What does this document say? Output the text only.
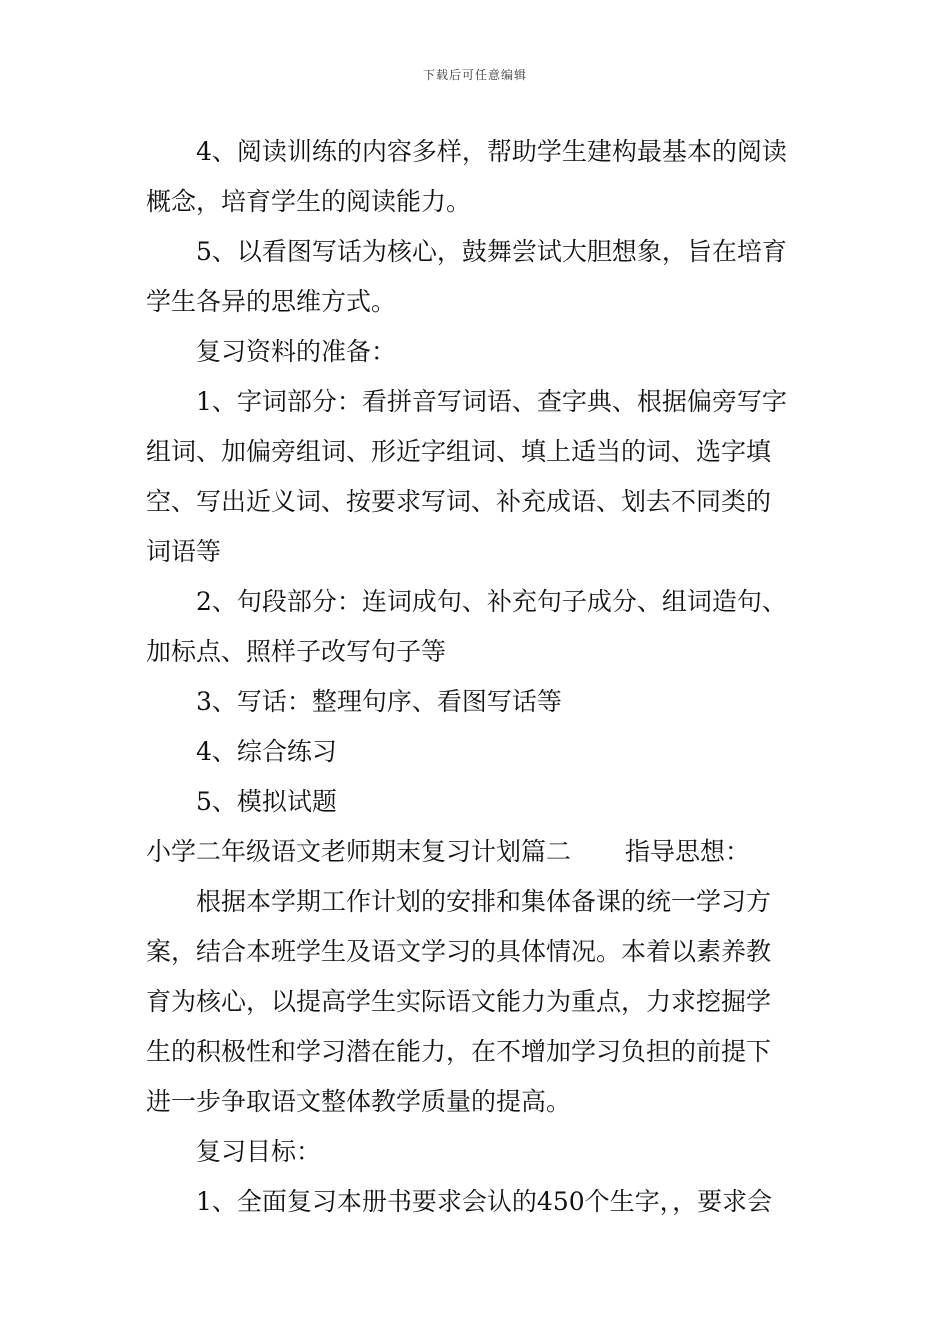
下载后可任意编辑
4、阅读训练的内容多样，帮助学生建构最基本的阅读
概念，培育学生的阅读能力。
5、以看图写话为核心，鼓舞尝试大胆想象，旨在培育
学生各异的思维方式。
复习资料的准备：
1、字词部分：看拼音写词语、查字典、根据偏旁写字
组词、加偏旁组词、形近字组词、填上适当的词、选字填
空、写出近义词、按要求写词、补充成语、划去不同类的
词语等
2、句段部分：连词成句、补充句子成分、组词造句、
加标点、照样子改写句子等
3、写话：整理句序、看图写话等
4、综合练习
5、模拟试题
小学二年级语文老师期末复习计划篇二 指导思想：
根据本学期工作计划的安排和集体备课的统一学习方
案，结合本班学生及语文学习的具体情况。本着以素养教
育为核心，以提高学生实际语文能力为重点，力求挖掘学
生的积极性和学习潜在能力，在不增加学习负担的前提下
进一步争取语文整体教学质量的提高。
复习目标：
1、全面复习本册书要求会认的450个生字，，要求会
